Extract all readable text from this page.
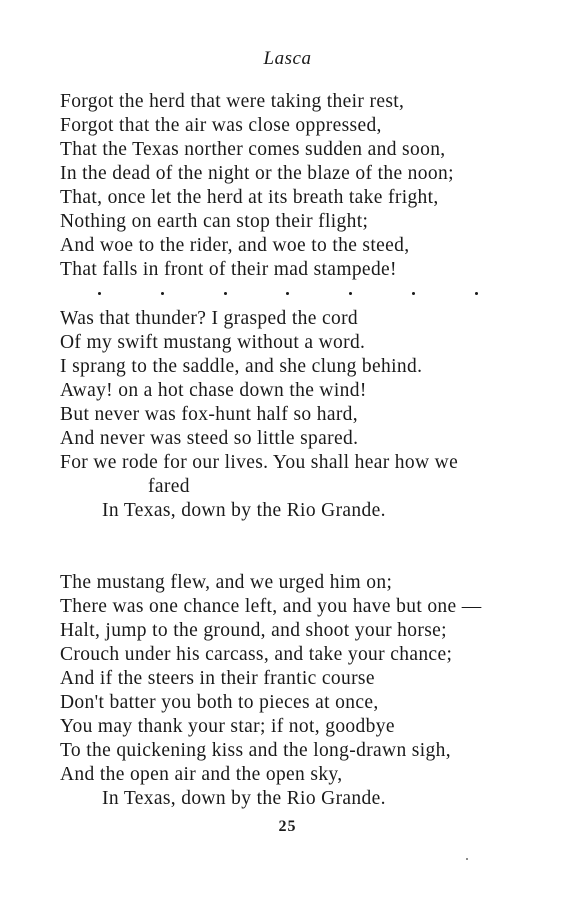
Lasca
Forgot the herd that were taking their rest,
Forgot that the air was close oppressed,
That the Texas norther comes sudden and soon,
In the dead of the night or the blaze of the noon;
That, once let the herd at its breath take fright,
Nothing on earth can stop their flight;
And woe to the rider, and woe to the steed,
That falls in front of their mad stampede!
Was that thunder? I grasped the cord
Of my swift mustang without a word.
I sprang to the saddle, and she clung behind.
Away! on a hot chase down the wind!
But never was fox-hunt half so hard,
And never was steed so little spared.
For we rode for our lives. You shall hear how we
fared
In Texas, down by the Rio Grande.
The mustang flew, and we urged him on;
There was one chance left, and you have but one —
Halt, jump to the ground, and shoot your horse;
Crouch under his carcass, and take your chance;
And if the steers in their frantic course
Don't batter you both to pieces at once,
You may thank your star; if not, goodbye
To the quickening kiss and the long-drawn sigh,
And the open air and the open sky,
In Texas, down by the Rio Grande.
25
